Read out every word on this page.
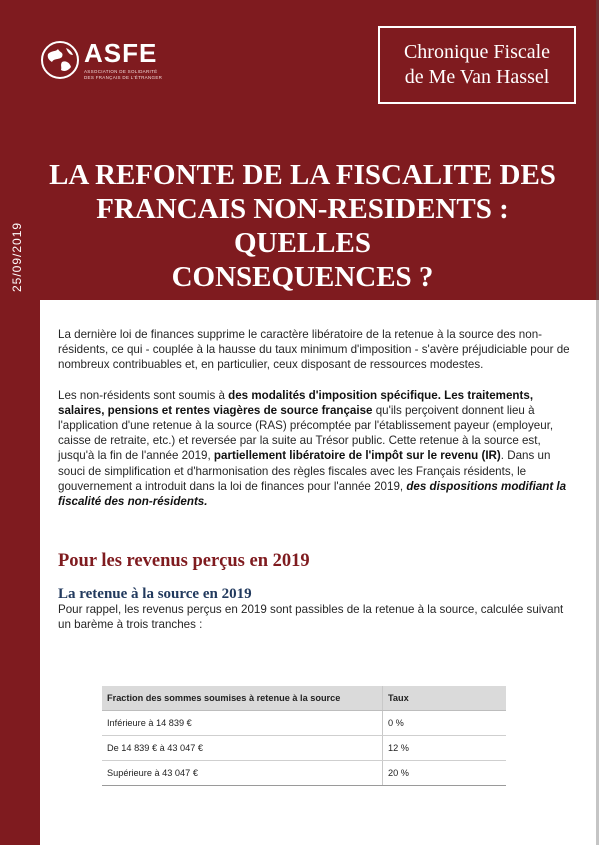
ASFE
ASSOCIATION DE SOLIDARITÉ
DES FRANÇAIS DE L'ÉTRANGER
Chronique Fiscale
de Me Van Hassel
LA REFONTE DE LA FISCALITE DES
FRANCAIS NON-RESIDENTS : QUELLES
CONSEQUENCES ?
25/09/2019

La dernière loi de finances supprime le caractère libératoire de la retenue à la source des non-résidents, ce qui - couplée à la hausse du taux minimum d'imposition - s'avère préjudiciable pour de nombreux contribuables et, en particulier, ceux disposant de ressources modestes.

Les non-résidents sont soumis à des modalités d'imposition spécifique. Les traitements, salaires, pensions et rentes viagères de source française qu'ils perçoivent donnent lieu à l'application d'une retenue à la source (RAS) précomptée par l'établissement payeur (employeur, caisse de retraite, etc.) et reversée par la suite au Trésor public. Cette retenue à la source est, jusqu'à la fin de l'année 2019, partiellement libératoire de l'impôt sur le revenu (IR). Dans un souci de simplification et d'harmonisation des règles fiscales avec les Français résidents, le gouvernement a introduit dans la loi de finances pour l'année 2019, des dispositions modifiant la fiscalité des non-résidents.

Pour les revenus perçus en 2019
La retenue à la source en 2019
Pour rappel, les revenus perçus en 2019 sont passibles de la retenue à la source, calculée suivant un barème à trois tranches :
Fraction des sommes soumises à retenue à la source	Taux
Inférieure à 14 839 €	0 %
De 14 839 € à 43 047 €	12 %
Supérieure à 43 047 €	20 %
